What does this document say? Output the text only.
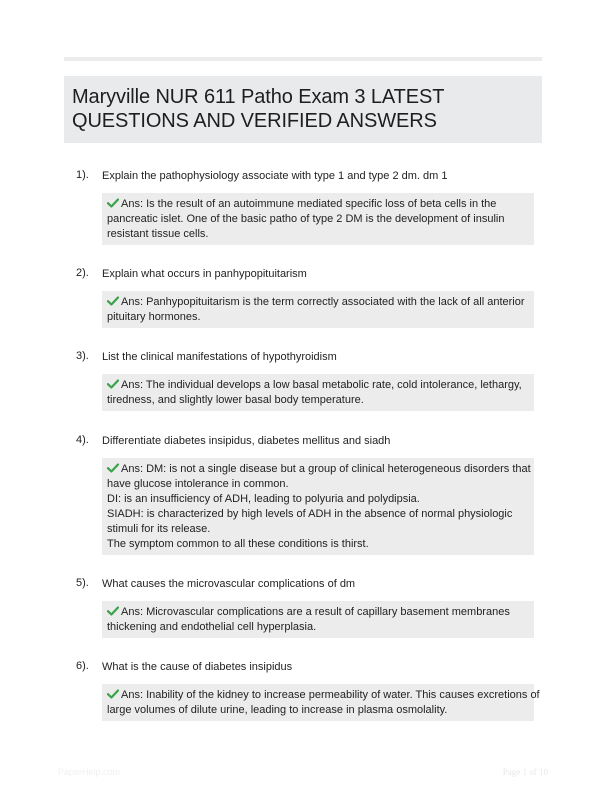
Maryville NUR 611 Patho Exam 3 LATEST
QUESTIONS AND VERIFIED ANSWERS
1). Explain the pathophysiology associate with type 1 and type 2 dm. dm 1
Ans: Is the result of an autoimmune mediated specific loss of beta cells in the
pancreatic islet. One of the basic patho of type 2 DM is the development of insulin
resistant tissue cells.
2). Explain what occurs in panhypopituitarism
Ans: Panhypopituitarism is the term correctly associated with the lack of all anterior
pituitary hormones.
3). List the clinical manifestations of hypothyroidism
Ans: The individual develops a low basal metabolic rate, cold intolerance, lethargy,
tiredness, and slightly lower basal body temperature.
4). Differentiate diabetes insipidus, diabetes mellitus and siadh
Ans: DM: is not a single disease but a group of clinical heterogeneous disorders that
have glucose intolerance in common.
DI: is an insufficiency of ADH, leading to polyuria and polydipsia.
SIADH: is characterized by high levels of ADH in the absence of normal physiologic
stimuli for its release.
The symptom common to all these conditions is thirst.
5). What causes the microvascular complications of dm
Ans: Microvascular complications are a result of capillary basement membranes
thickening and endothelial cell hyperplasia.
6). What is the cause of diabetes insipidus
Ans: Inability of the kidney to increase permeability of water. This causes excretions of
large volumes of dilute urine, leading to increase in plasma osmolality.
PaperHelp.com	Page 1 of 10
